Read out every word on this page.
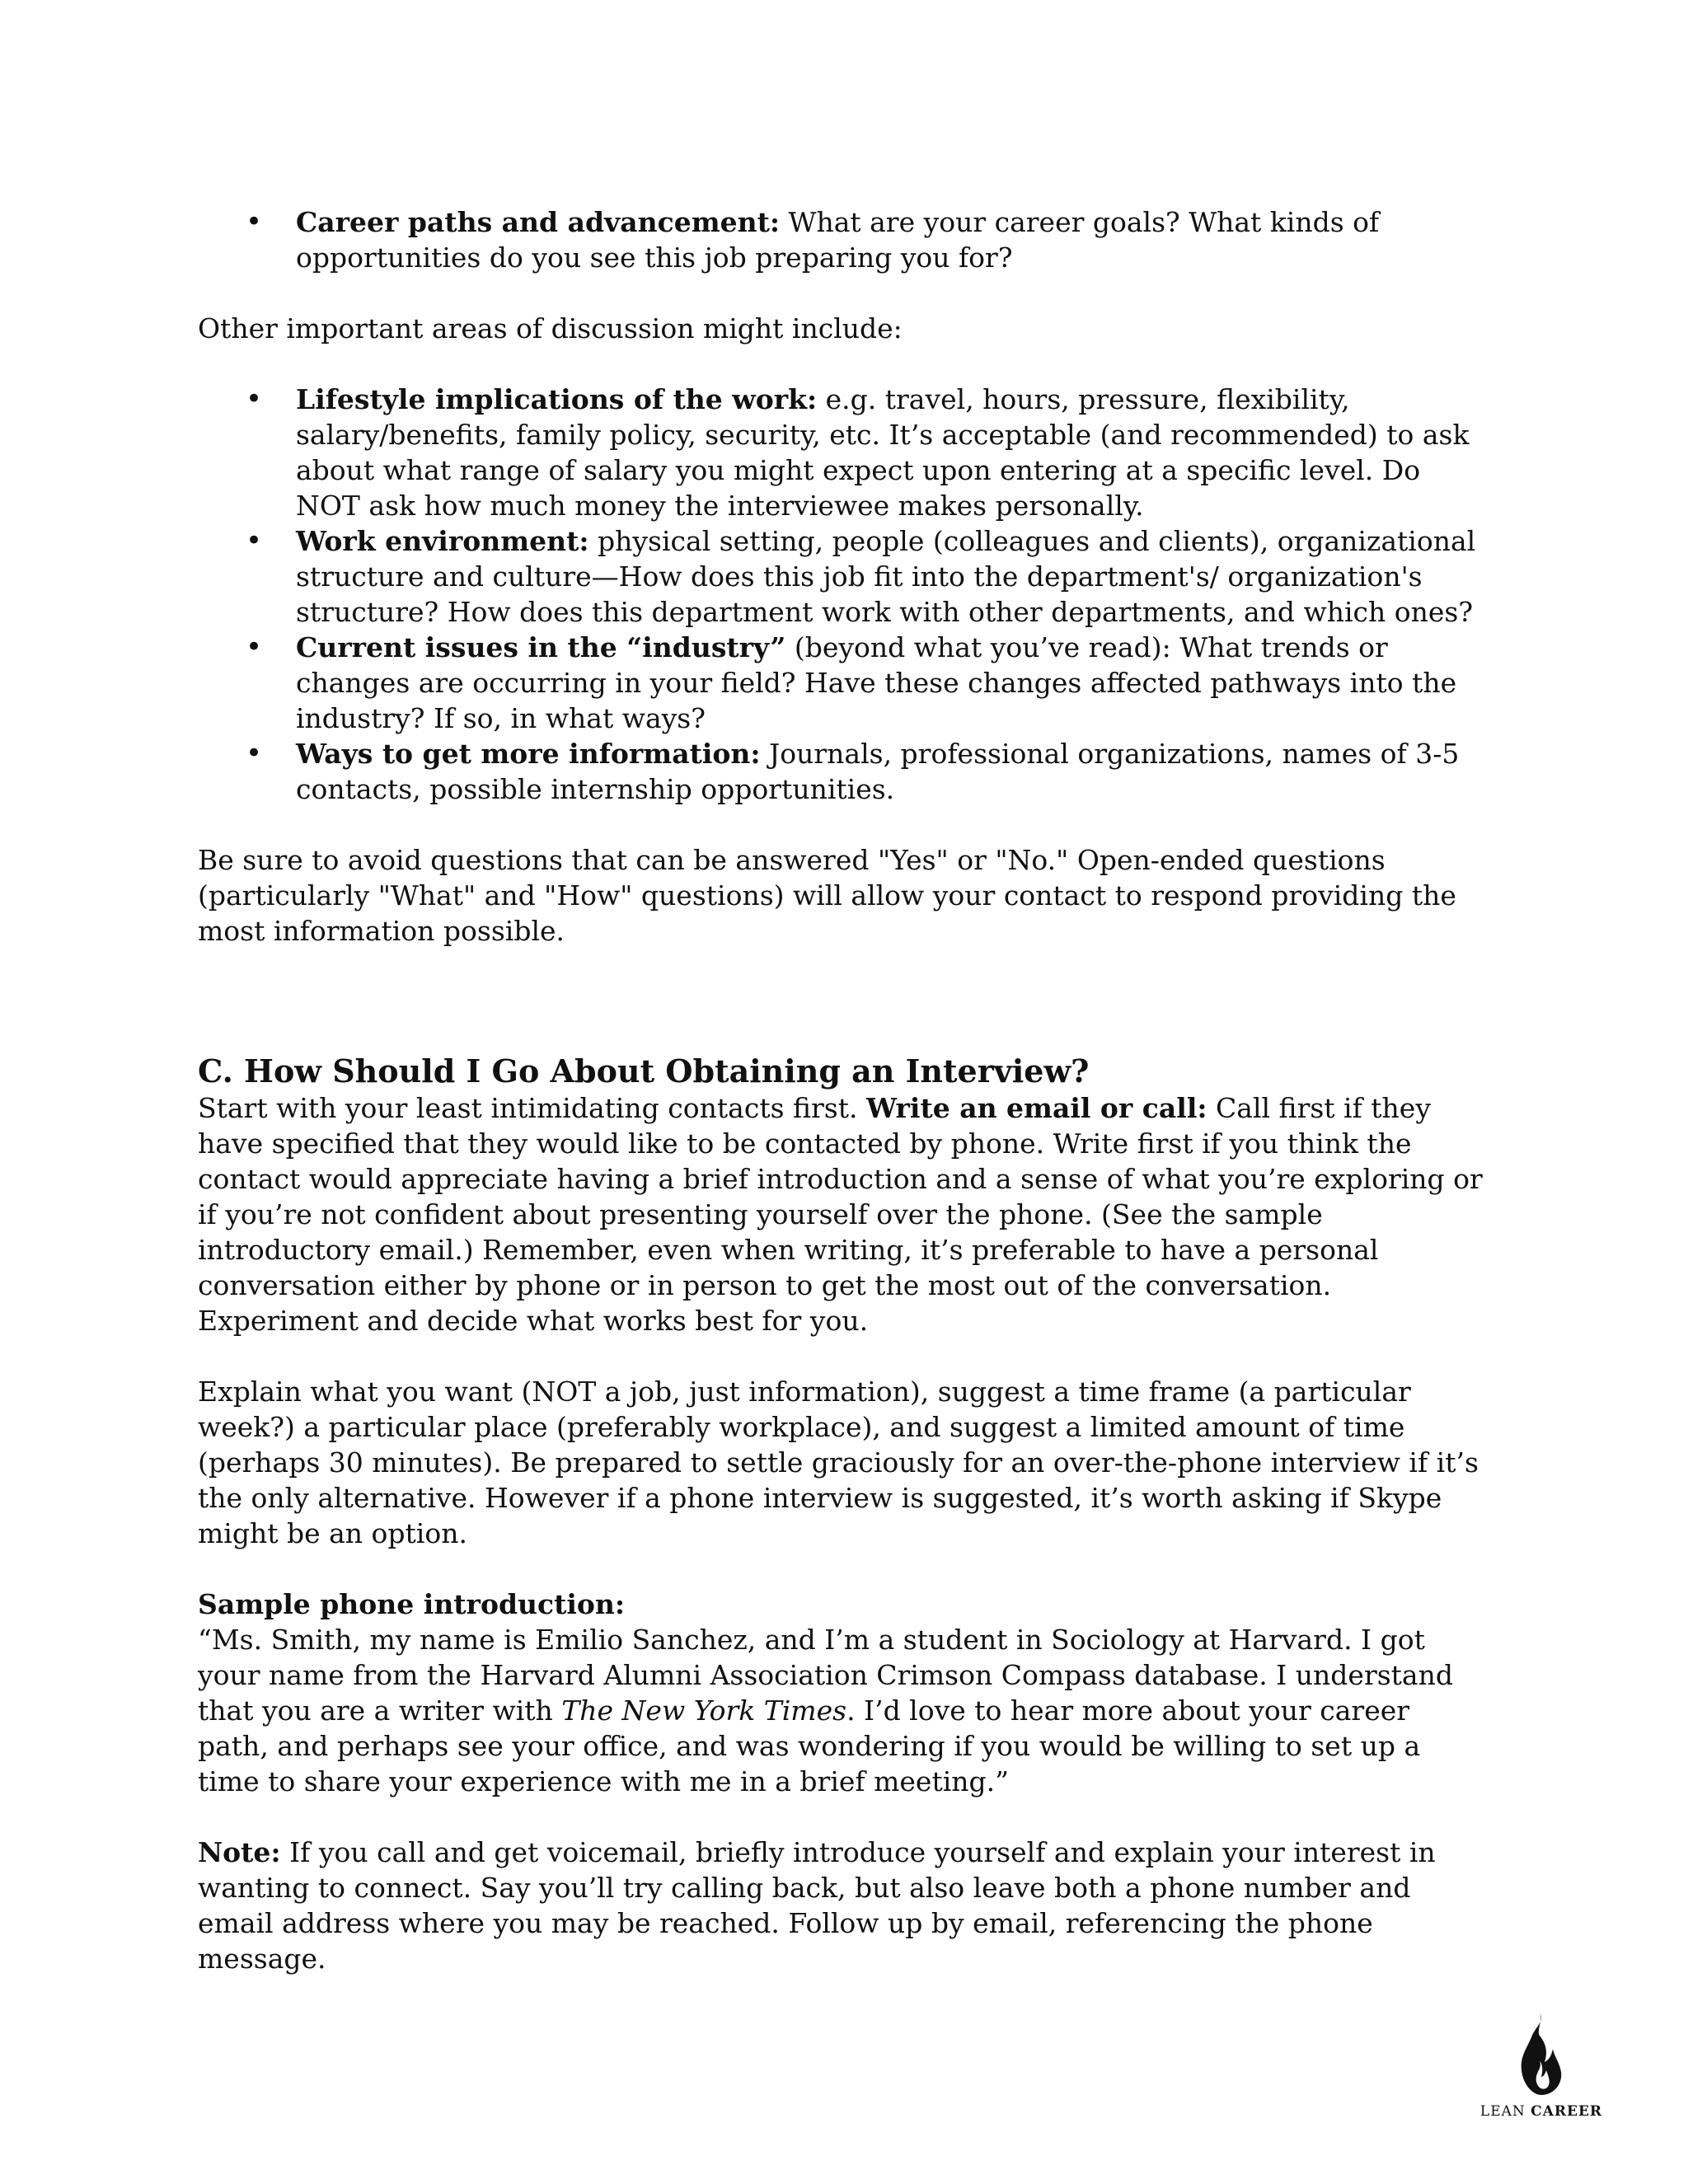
• Career paths and advancement: What are your career goals? What kinds of opportunities do you see this job preparing you for?

Other important areas of discussion might include:

• Lifestyle implications of the work: e.g. travel, hours, pressure, flexibility, salary/benefits, family policy, security, etc. It’s acceptable (and recommended) to ask about what range of salary you might expect upon entering at a specific level. Do NOT ask how much money the interviewee makes personally.
• Work environment: physical setting, people (colleagues and clients), organizational structure and culture—How does this job fit into the department's/ organization's structure? How does this department work with other departments, and which ones?
• Current issues in the “industry” (beyond what you’ve read): What trends or changes are occurring in your field? Have these changes affected pathways into the industry? If so, in what ways?
• Ways to get more information: Journals, professional organizations, names of 3-5 contacts, possible internship opportunities.

Be sure to avoid questions that can be answered "Yes" or "No." Open-ended questions (particularly "What" and "How" questions) will allow your contact to respond providing the most information possible.

C. How Should I Go About Obtaining an Interview?

Start with your least intimidating contacts first. Write an email or call: Call first if they have specified that they would like to be contacted by phone. Write first if you think the contact would appreciate having a brief introduction and a sense of what you’re exploring or if you’re not confident about presenting yourself over the phone. (See the sample introductory email.) Remember, even when writing, it’s preferable to have a personal conversation either by phone or in person to get the most out of the conversation. Experiment and decide what works best for you.

Explain what you want (NOT a job, just information), suggest a time frame (a particular week?) a particular place (preferably workplace), and suggest a limited amount of time (perhaps 30 minutes). Be prepared to settle graciously for an over-the-phone interview if it’s the only alternative. However if a phone interview is suggested, it’s worth asking if Skype might be an option.

Sample phone introduction:

“Ms. Smith, my name is Emilio Sanchez, and I’m a student in Sociology at Harvard. I got your name from the Harvard Alumni Association Crimson Compass database. I understand that you are a writer with The New York Times. I’d love to hear more about your career path, and perhaps see your office, and was wondering if you would be willing to set up a time to share your experience with me in a brief meeting.”

Note: If you call and get voicemail, briefly introduce yourself and explain your interest in wanting to connect. Say you’ll try calling back, but also leave both a phone number and email address where you may be reached. Follow up by email, referencing the phone message.

LEAN CAREER
